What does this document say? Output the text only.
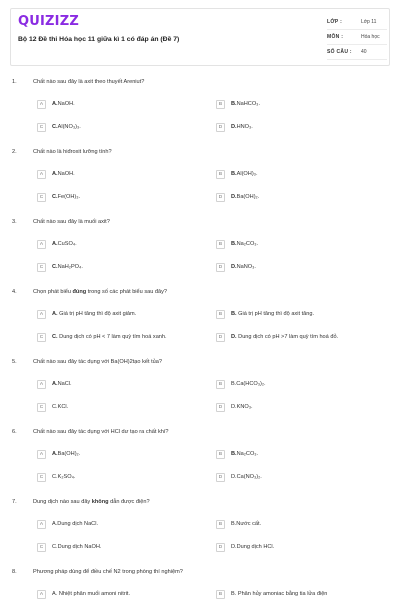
QUIZIZZ
Bộ 12 Đề thi Hóa học 11 giữa kì 1 có đáp án (Đề 7)
LỚP :	Lớp 11
MÔN :	Hóa học
SỐ CÂU :	40
1.	Chất nào sau đây là axit theo thuyết Areniut?
A	A.NaOH.	B	B.NaHCO₃.
C	C.Al(NO₃)₃.	D	D.HNO₃.
2.	Chất nào là hiđroxit lưỡng tính?
A	A.NaOH.	B	B.Al(OH)₃.
C	C.Fe(OH)₃.	D	D.Ba(OH)₂.
3.	Chất nào sau đây là muối axit?
A	A.CuSO₄.	B	B.Na₂CO₃.
C	C.NaH₂PO₄.	D	D.NaNO₃.
4.	Chọn phát biểu đúng trong số các phát biểu sau đây?
A	A. Giá trị pH tăng thì độ axit giảm.	B	B. Giá trị pH tăng thì độ axit tăng.
C	C. Dung dịch có pH < 7 làm quỳ tím hoá xanh.	D	D. Dung dịch có pH >7 làm quỳ tím hoá đỏ.
5.	Chất nào sau đây tác dụng với Ba(OH)2tạo kết tủa?
A	A.NaCl.	B	B.Ca(HCO₃)₂.
C	C.KCl.	D	D.KNO₃.
6.	Chất nào sau đây tác dụng với HCl dư tạo ra chất khí?
A	A.Ba(OH)₂.	B	B.Na₂CO₃.
C	C.K₂SO₄.	D	D.Ca(NO₃)₂.
7.	Dung dịch nào sau đây không dẫn được điện?
A	A.Dung dịch NaCl.	B	B.Nước cất.
C	C.Dung dịch NaOH.	D	D.Dung dịch HCl.
8.	Phương pháp dùng để điều chế N2 trong phòng thí nghiệm?
A	A. Nhiệt phân muối amoni nitrit.	B	B. Phân hủy amoniac bằng tia lửa điện
